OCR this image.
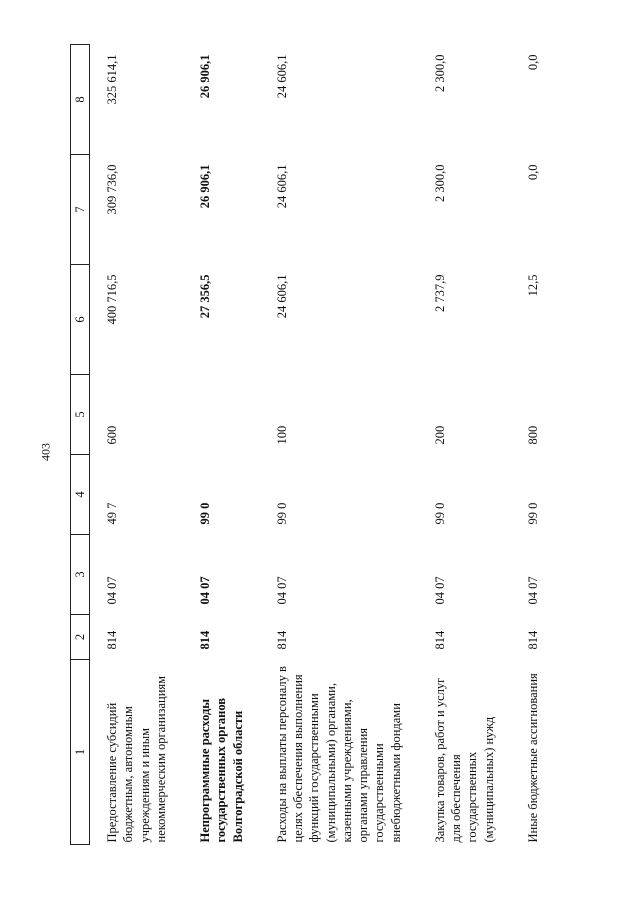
403
1	2	3	4	5	6	7	8
Предоставление субсидий бюджетным, автономным учреждениям и иным некоммерческим организациям	814	04 07	49 7	600	400 716,5	309 736,0	325 614,1
Непрограммные расходы государственных органов Волгоградской области	814	04 07	99 0		27 356,5	26 906,1	26 906,1
Расходы на выплаты персоналу в целях обеспечения выполнения функций государственными (муниципальными) органами, казенными учреждениями, органами управления государственными внебюджетными фондами	814	04 07	99 0	100	24 606,1	24 606,1	24 606,1
Закупка товаров, работ и услуг для обеспечения государственных (муниципальных) нужд	814	04 07	99 0	200	2 737,9	2 300,0	2 300,0
Иные бюджетные ассигнования	814	04 07	99 0	800	12,5	0,0	0,0
